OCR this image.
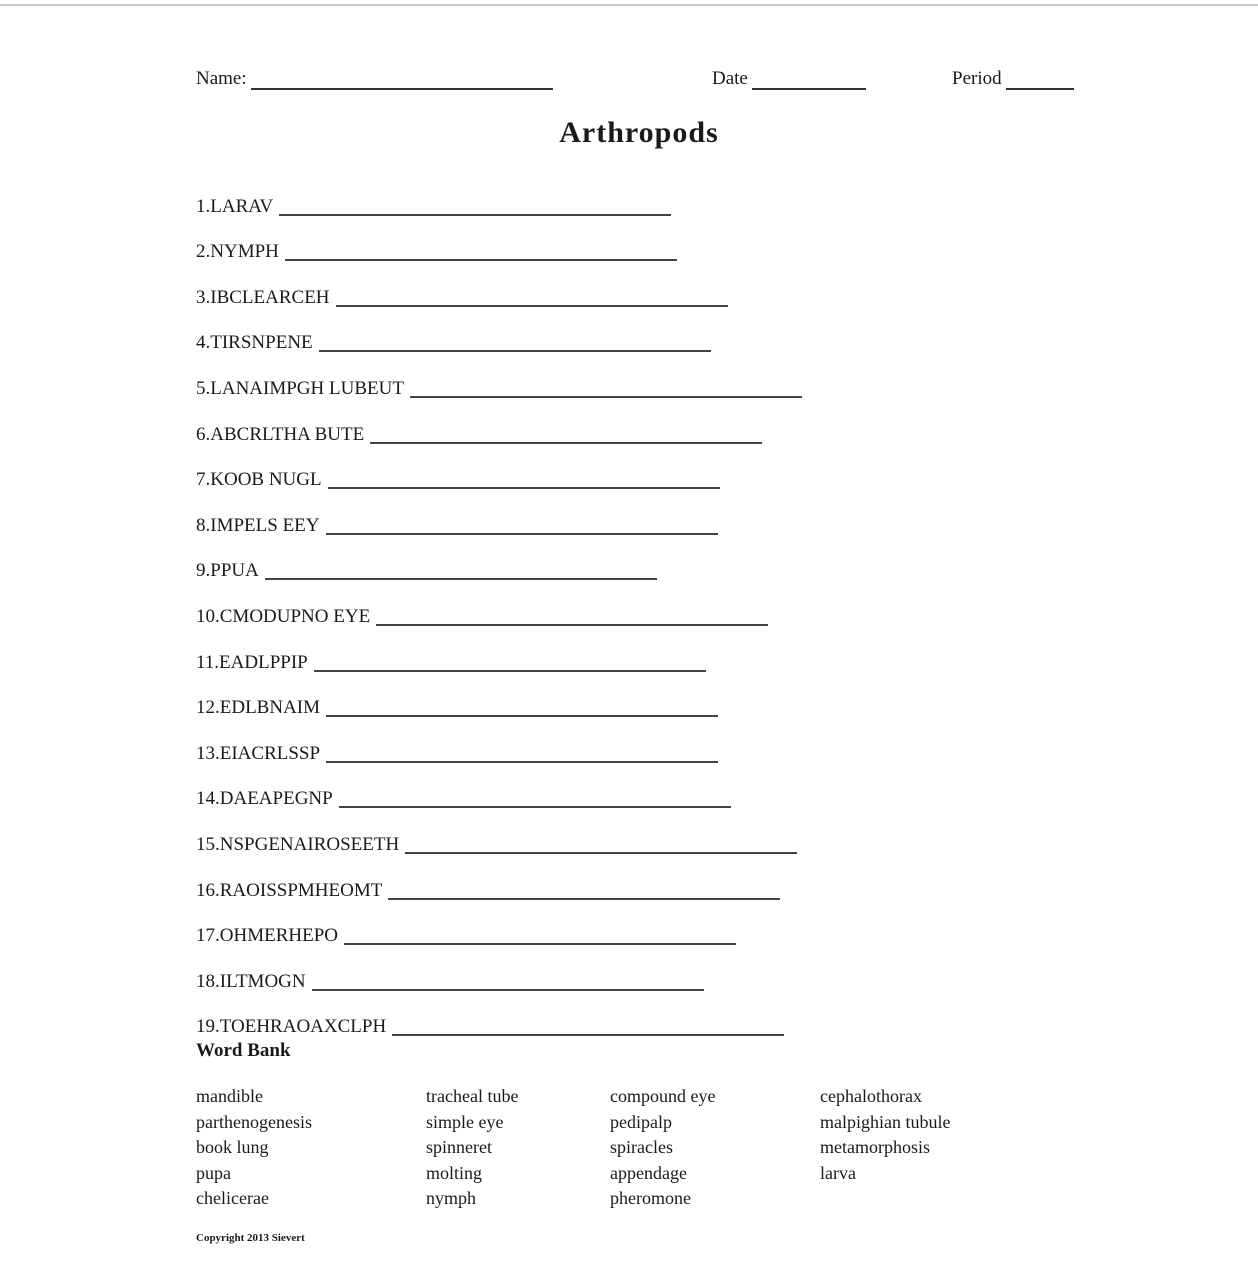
Name :	Date	Period
Arthropods
1. LARAV
2. NYMPH
3. IBCLEARCEH
4. TIRSNPENE
5. LANAIMPGH LUBEUT
6. ABCRLTHA BUTE
7. KOOB NUGL
8. IMPELS EEY
9. PPUA
10. CMODUPNO EYE
11. EADLPPIP
12. EDLBNAIM
13. EIACRLSSP
14. DAEAPEGNP
15. NSPGENAIROSEETH
16. RAOISSPMHEOMT
17. OHMERHEPO
18. ILTMOGN
19. TOEHRAOAXCLPH
Word Bank
mandible
parthenogenesis
book lung
pupa
chelicerae
tracheal tube
simple eye
spinneret
molting
nymph
compound eye
pedipalp
spiracles
appendage
pheromone
cephalothorax
malpighian tubule
metamorphosis
larva
Copyright 2013 Sievert
